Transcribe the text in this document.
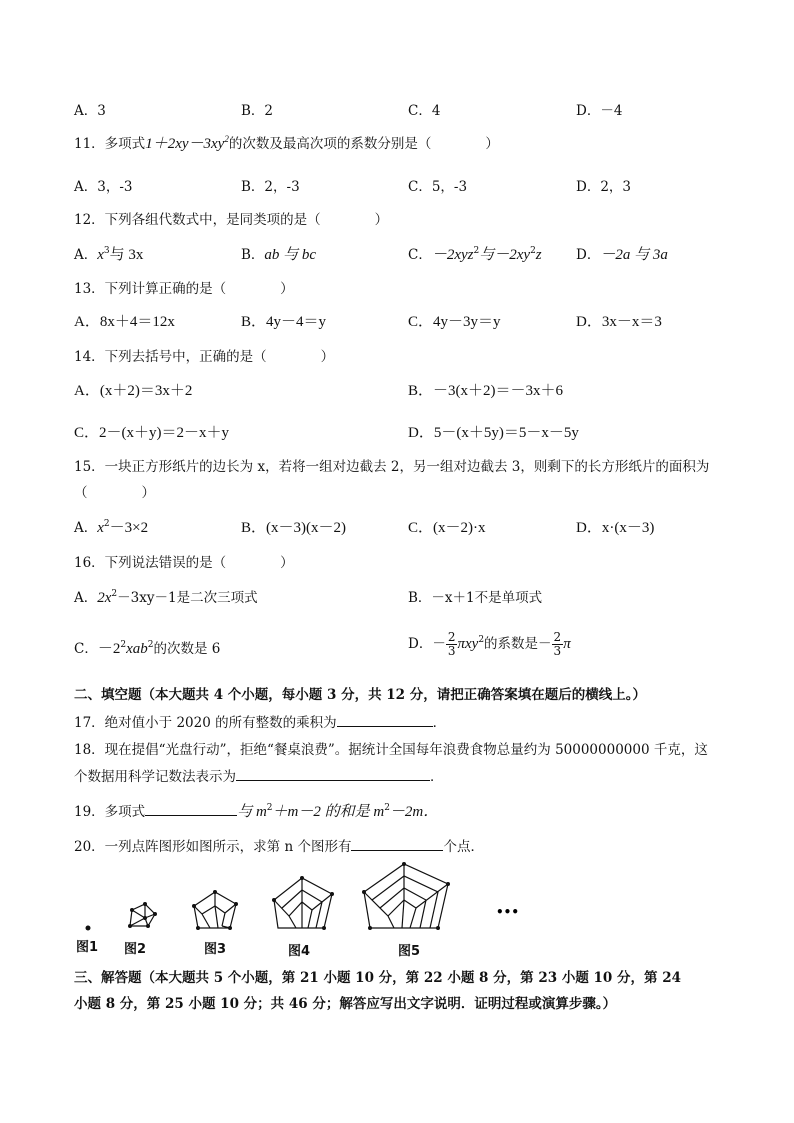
A．3	B．2	C．4	D．－4
11．多项式$1+2xy-3xy^2$的次数及最高次项的系数分别是（　　　　）
A．3，-3	B．2，-3	C．5，-3	D．2，3
12．下列各组代数式中，是同类项的是（　　　　）
A．$x^3$与 3x	B．ab 与 bc	C．－2xyz$^2$与$-2xy^2z$	D．－2a 与 3a
13．下列计算正确的是（　　　　）
A．8x＋4＝12x	B．4y－4＝y	C．4y－3y＝y	D．3x－x＝3
14．下列去括号中，正确的是（　　　　）
A．(x＋2)＝3x＋2	B．－3(x＋2)＝－3x＋6
C．2－(x＋y)＝2－x＋y	D．5－(x＋5y)＝5－x－5y
15．一块正方形纸片的边长为 x，若将一组对边截去 2，另一组对边截去 3，则剩下的长方形纸片的面积为
（　　　　）
A．$x^2-3\times 2$	B．(x－3)(x－2)	C．(x－2)·x	D．x·(x－3)
16．下列说法错误的是（　　　　）
A．$2x^2-3xy-1$是二次三项式	B．－x＋1不是单项式
C．$-2^2xab^2$的次数是 6	D．－ $\frac{2}{3} \pi xy^2$的系数是－ $\frac{2}{3}$ π
二、填空题（本大题共 4 个小题，每小题 3 分，共 12 分，请把正确答案填在题后的横线上。）
17．绝对值小于 2020 的所有整数的乘积为	．
18．现在提倡“光盘行动”，拒绝“餐桌浪费”。据统计全国每年浪费食物总量约为 50000000000 千克，这
个数据用科学记数法表示为	．
19．多项式	与 $m^2+m-2$ 的和是 $m^2-2m$．
20．一列点阵图形如图所示，求第 n 个图形有	个点．
•••
图1 图2	图3	图4	图5
三、解答题（本大题共 5 个小题，第 21 小题 10 分，第 22 小题 8 分，第 23 小题 10 分，第 24
小题 8 分，第 25 小题 10 分；共 46 分；解答应写出文字说明．证明过程或演算步骤。）
